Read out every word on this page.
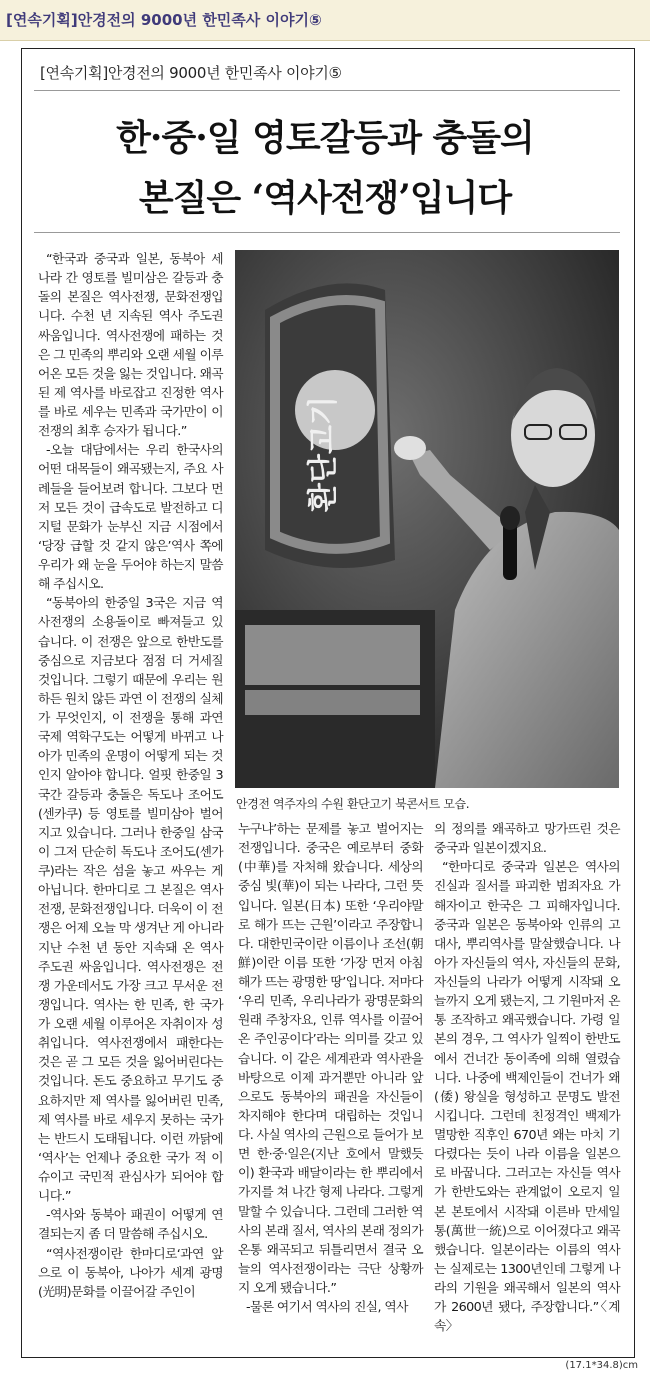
[연속기획]안경전의 9000년 한민족사 이야기⑤
[연속기획]안경전의 9000년 한민족사 이야기⑤
한·중·일 영토갈등과 충돌의
본질은 ‘역사전쟁’입니다

“한국과 중국과 일본, 동북아 세 나라 간 영토를 빌미삼은 갈등과 충돌의 본질은 역사전쟁, 문화전쟁입니다. 수천 년 지속된 역사 주도권 싸움입니다. 역사전쟁에 패하는 것은 그 민족의 뿌리와 오랜 세월 이루어온 모든 것을 잃는 것입니다. 왜곡된 제 역사를 바로잡고 진정한 역사를 바로 세우는 민족과 국가만이 이 전쟁의 최후 승자가 됩니다.”

-오늘 대담에서는 우리 한국사의 어떤 대목들이 왜곡됐는지, 주요 사례들을 들어보려 합니다. 그보다 먼저 모든 것이 급속도로 발전하고 디지털 문화가 눈부신 지금 시점에서 ‘당장 급할 것 같지 않은’역사 쪽에 우리가 왜 눈을 두어야 하는지 말씀해 주십시오.

“동북아의 한중일 3국은 지금 역사전쟁의 소용돌이로 빠져들고 있습니다. 이 전쟁은 앞으로 한반도를 중심으로 지금보다 점점 더 거세질 것입니다. 그렇기 때문에 우리는 원하든 원치 않든 과연 이 전쟁의 실체가 무엇인지, 이 전쟁을 통해 과연 국제 역학구도는 어떻게 바뀌고 나아가 민족의 운명이 어떻게 되는 것인지 알아야 합니다. 얼핏 한중일 3국간 갈등과 충돌은 독도나 조어도(센카쿠) 등 영토를 빌미삼아 벌어지고 있습니다. 그러나 한중일 삼국이 그저 단순히 독도나 조어도(센가쿠)라는 작은 섬을 놓고 싸우는 게 아닙니다. 한마디로 그 본질은 역사전쟁, 문화전쟁입니다. 더욱이 이 전쟁은 어제 오늘 막 생겨난 게 아니라 지난 수천 년 동안 지속돼 온 역사 주도권 싸움입니다. 역사전쟁은 전쟁 가운데서도 가장 크고 무서운 전쟁입니다. 역사는 한 민족, 한 국가가 오랜 세월 이루어온 자취이자 성취입니다. 역사전쟁에서 패한다는 것은 곧 그 모든 것을 잃어버린다는 것입니다. 돈도 중요하고 무기도 중요하지만 제 역사를 잃어버린 민족, 제 역사를 바로 세우지 못하는 국가는 반드시 도태됩니다. 이런 까닭에 ‘역사’는 언제나 중요한 국가 적 이슈이고 국민적 관심사가 되어야 합니다.”

-역사와 동북아 패권이 어떻게 연결되는지 좀 더 말씀해 주십시오.

“역사전쟁이란 한마디로‘과연 앞으로 이 동북아, 나아가 세계 광명(光明)문화를 이끌어갈 주인이

환단고기
안경전 역주자의 수원 환단고기 북콘서트 모습.

누구냐’하는 문제를 놓고 벌어지는 전쟁입니다. 중국은 예로부터 중화(中華)를 자처해 왔습니다. 세상의 중심 빛(華)이 되는 나라다, 그런 뜻입니다. 일본(日本) 또한 ‘우리야말로 해가 뜨는 근원’이라고 주장합니다. 대한민국이란 이름이나 조선(朝鮮)이란 이름 또한 ‘가장 먼저 아침 해가 뜨는 광명한 땅’입니다. 저마다 ‘우리 민족, 우리나라가 광명문화의 원래 주창자요, 인류 역사를 이끌어온 주인공이다’라는 의미를 갖고 있습니다. 이 같은 세계관과 역사관을 바탕으로 이제 과거뿐만 아니라 앞으로도 동북아의 패권을 자신들이 차지해야 한다며 대립하는 것입니다. 사실 역사의 근원으로 들어가 보면 한·중·일은(지난 호에서 말했듯이) 환국과 배달이라는 한 뿌리에서 가지를 쳐 나간 형제 나라다. 그렇게 말할 수 있습니다. 그런데 그러한 역사의 본래 질서, 역사의 본래 정의가 온통 왜곡되고 뒤틀리면서 결국 오늘의 역사전쟁이라는 극단 상황까지 오게 됐습니다.”

-물론 여기서 역사의 진실, 역사

의 정의를 왜곡하고 망가뜨린 것은 중국과 일본이겠지요.

“한마디로 중국과 일본은 역사의 진실과 질서를 파괴한 범죄자요 가해자이고 한국은 그 피해자입니다. 중국과 일본은 동북아와 인류의 고대사, 뿌리역사를 말살했습니다. 나아가 자신들의 역사, 자신들의 문화, 자신들의 나라가 어떻게 시작돼 오늘까지 오게 됐는지, 그 기원마저 온통 조작하고 왜곡했습니다. 가령 일본의 경우, 그 역사가 일찍이 한반도에서 건너간 동이족에 의해 열렸습니다. 나중에 백제인들이 건너가 왜(倭) 왕실을 형성하고 문명도 발전시킵니다. 그런데 친정격인 백제가 멸망한 직후인 670년 왜는 마치 기다렸다는 듯이 나라 이름을 일본으로 바꿉니다. 그러고는 자신들 역사가 한반도와는 관계없이 오로지 일본 본토에서 시작돼 이른바 만세일통(萬世一統)으로 이어졌다고 왜곡했습니다. 일본이라는 이름의 역사는 실제로는 1300년인데 그렇게 나라의 기원을 왜곡해서 일본의 역사가 2600년 됐다, 주장합니다.”〈계속〉

(17.1*34.8)cm
